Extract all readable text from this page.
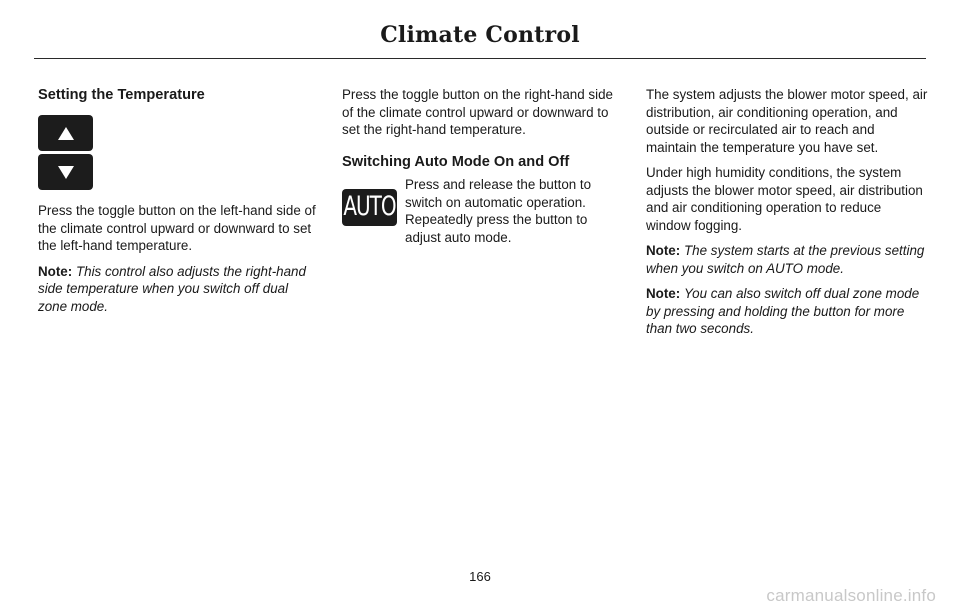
Climate Control
Setting the Temperature

Press the toggle button on the left-hand side of the climate control upward or downward to set the left-hand temperature.

Note: This control also adjusts the right-hand side temperature when you switch off dual zone mode.

Press the toggle button on the right-hand side of the climate control upward or downward to set the right-hand temperature.

Switching Auto Mode On and Off
AUTO

Press and release the button to switch on automatic operation. Repeatedly press the button to adjust auto mode.

The system adjusts the blower motor speed, air distribution, air conditioning operation, and outside or recirculated air to reach and maintain the temperature you have set.

Under high humidity conditions, the system adjusts the blower motor speed, air distribution and air conditioning operation to reduce window fogging.

Note: The system starts at the previous setting when you switch on AUTO mode.

Note: You can also switch off dual zone mode by pressing and holding the button for more than two seconds.

166
carmanualsonline.info
